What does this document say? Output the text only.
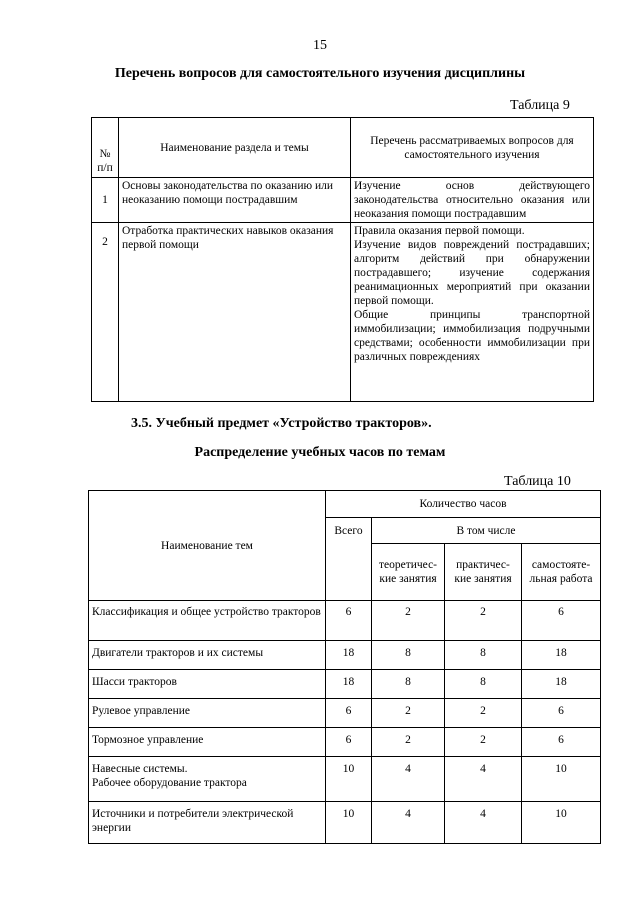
15
Перечень вопросов для самостоятельного изучения дисциплины
Таблица 9
№ п/п	Наименование раздела и темы	Перечень рассматриваемых вопросов для самостоятельного изучения
1	Основы законодательства по оказанию или неоказанию помощи пострадавшим	Изучение основ действующего законодательства относительно оказания или неоказания помощи пострадавшим
2	Отработка практических навыков оказания первой помощи	Правила оказания первой помощи.
Изучение видов повреждений пострадавших; алгоритм действий при обнаружении пострадавшего; изучение содержания реанимационных мероприятий при оказании первой помощи.
Общие принципы транспортной иммобилизации; иммобилизация подручными средствами; особенности иммобилизации при различных повреждениях
3.5. Учебный предмет «Устройство тракторов».
Распределение учебных часов по темам
Таблица 10
Наименование тем	Количество часов			
	Всего	В том числе		
		теоретичес-кие занятия	практичес-кие занятия	самостояте-льная работа
Классификация и общее устройство тракторов	6	2	2	6
Двигатели тракторов и их системы	18	8	8	18
Шасси тракторов	18	8	8	18
Рулевое управление	6	2	2	6
Тормозное управление	6	2	2	6
Навесные системы.
Рабочее оборудование трактора	10	4	4	10
Источники и потребители электрической энергии	10	4	4	10
